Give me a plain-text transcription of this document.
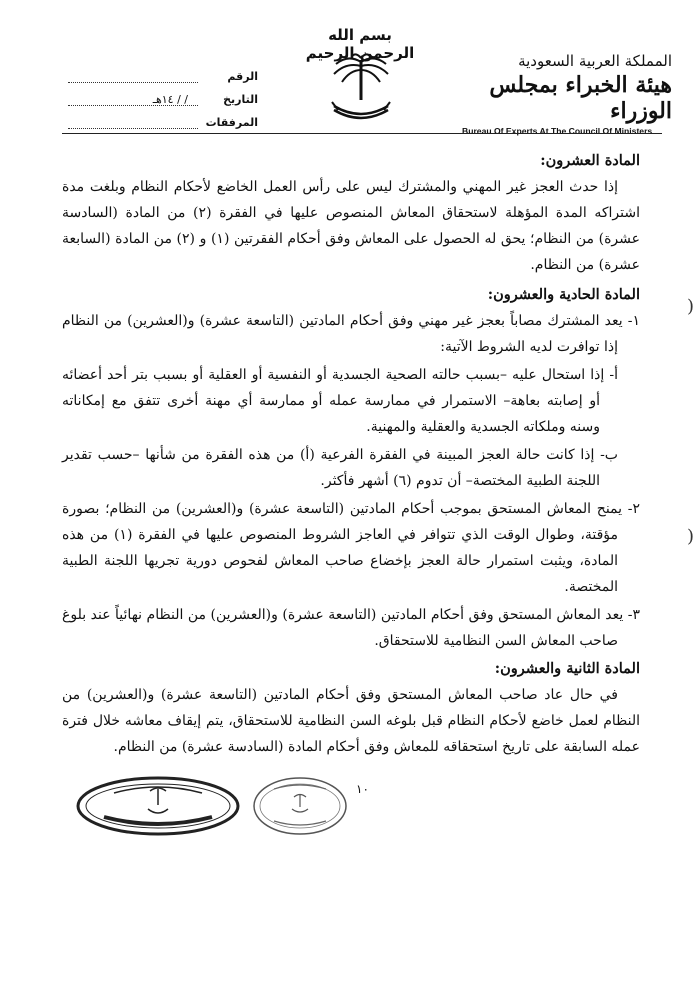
بسم الله الرحمن الرحيم	المملكة العربية السعودية
هيئة الخبراء بمجلس الوزراء
Bureau Of Experts At The Council Of Ministers
الرقم
التاريخ
/ / ١٤هـ
المرفقات

المادة العشرون:

إذا حدث العجز غير المهني والمشترك ليس على رأس العمل الخاضع لأحكام النظام وبلغت مدة اشتراكه المدة المؤهلة لاستحقاق المعاش المنصوص عليها في الفقرة (٢) من المادة (السادسة عشرة) من النظام؛ يحق له الحصول على المعاش وفق أحكام الفقرتين (١) و (٢) من المادة (السابعة عشرة) من النظام.

المادة الحادية والعشرون:

١- يعد المشترك مصاباً بعجز غير مهني وفق أحكام المادتين (التاسعة عشرة) و(العشرين) من النظام إذا توافرت لديه الشروط الآتية:

أ- إذا استحال عليه –بسبب حالته الصحية الجسدية أو النفسية أو العقلية أو بسبب بتر أحد أعضائه أو إصابته بعاهة– الاستمرار في ممارسة عمله أو ممارسة أي مهنة أخرى تتفق مع إمكاناته وسنه وملكاته الجسدية والعقلية والمهنية.

ب- إذا كانت حالة العجز المبينة في الفقرة الفرعية (أ) من هذه الفقرة من شأنها –حسب تقدير اللجنة الطبية المختصة– أن تدوم (٦) أشهر فأكثر.

٢- يمنح المعاش المستحق بموجب أحكام المادتين (التاسعة عشرة) و(العشرين) من النظام؛ بصورة مؤقتة، وطوال الوقت الذي تتوافر في العاجز الشروط المنصوص عليها في الفقرة (١) من هذه المادة، ويثبت استمرار حالة العجز بإخضاع صاحب المعاش لفحوص دورية تجريها اللجنة الطبية المختصة.

٣- يعد المعاش المستحق وفق أحكام المادتين (التاسعة عشرة) و(العشرين) من النظام نهائياً عند بلوغ صاحب المعاش السن النظامية للاستحقاق.

المادة الثانية والعشرون:

في حال عاد صاحب المعاش المستحق وفق أحكام المادتين (التاسعة عشرة) و(العشرين) من النظام لعمل خاضع لأحكام النظام قبل بلوغه السن النظامية للاستحقاق، يتم إيقاف معاشه خلال فترة عمله السابقة على تاريخ استحقاقه للمعاش وفق أحكام المادة (السادسة عشرة) من النظام.

١٠
)
)
